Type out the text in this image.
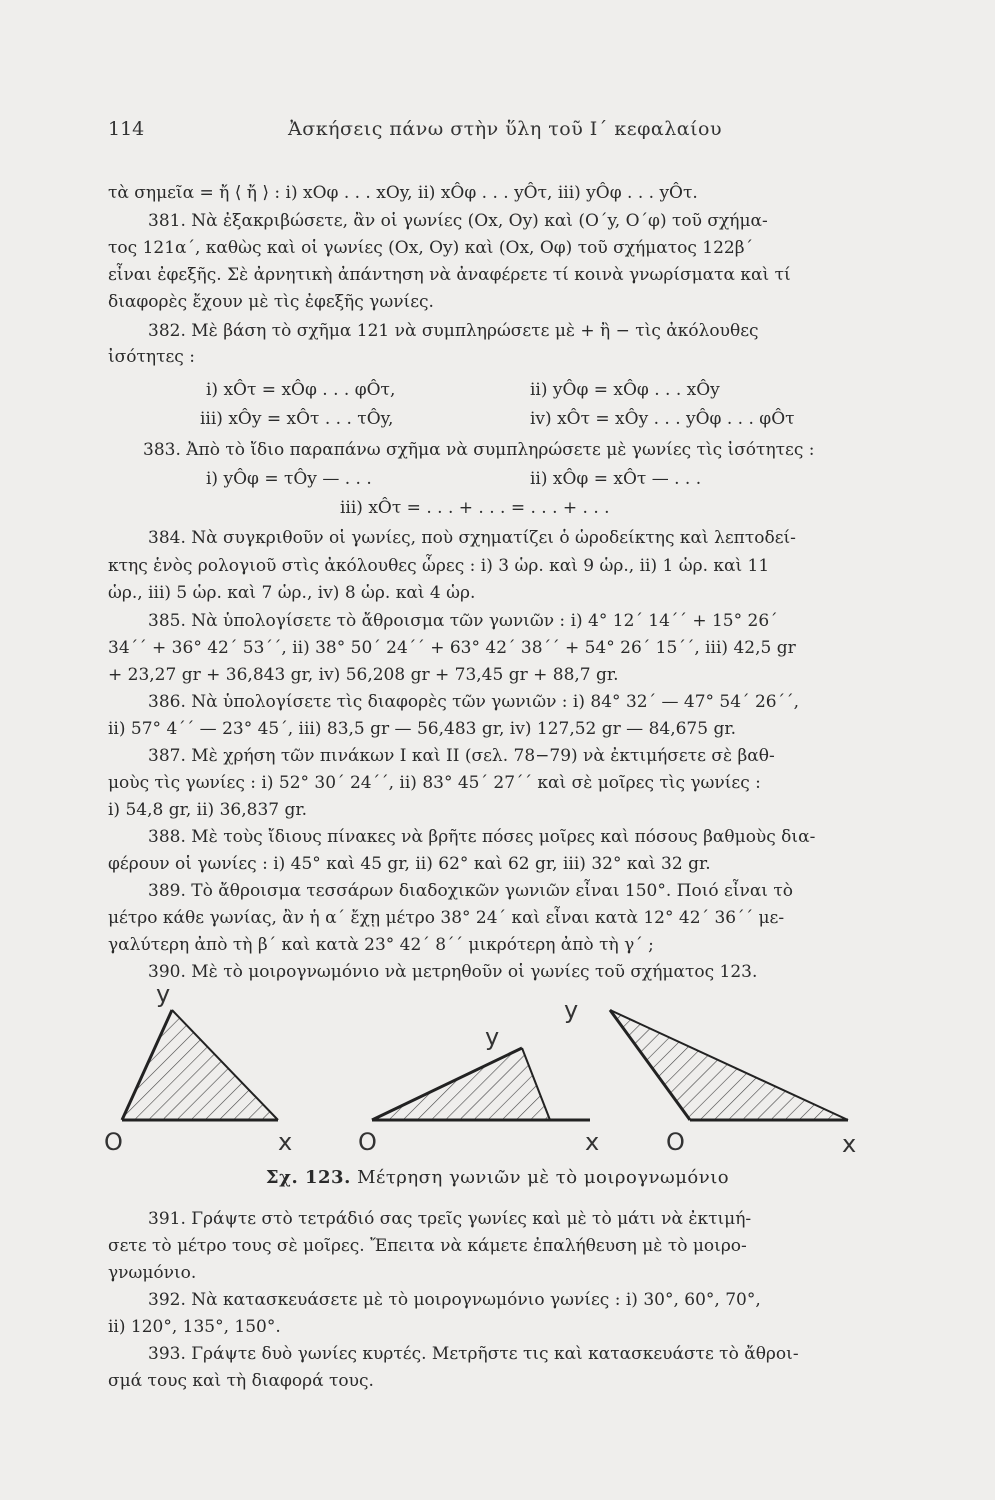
114	Ἀσκήσεις πάνω στὴν ὕλη τοῦ Ι΄ κεφαλαίου
τὰ σημεῖα = ἤ ⟨ ἤ ⟩ : i) xOφ . . . xOy, ii) xÔφ . . . yÔτ, iii) yÔφ . . . yÔτ.
381. Νὰ ἐξακριβώσετε, ἂν οἱ γωνίες (Ox, Oy) καὶ (O΄y, O΄φ) τοῦ σχήμα-
τος 121α΄, καθὼς καὶ οἱ γωνίες (Ox, Oy) καὶ (Ox, Oφ) τοῦ σχήματος 122β΄
εἶναι ἐφεξῆς. Σὲ ἀρνητικὴ ἀπάντηση νὰ ἀναφέρετε τί κοινὰ γνωρίσματα καὶ τί
διαφορὲς ἔχουν μὲ τὶς ἐφεξῆς γωνίες.
382. Μὲ βάση τὸ σχῆμα 121 νὰ συμπληρώσετε μὲ + ἢ − τὶς ἀκόλουθες
ἰσότητες :
i) xÔτ = xÔφ . . . φÔτ,	ii) yÔφ = xÔφ . . . xÔy
iii) xÔy = xÔτ . . . τÔy,	iv) xÔτ = xÔy . . . yÔφ . . . φÔτ
383. Ἀπὸ τὸ ἴδιο παραπάνω σχῆμα νὰ συμπληρώσετε μὲ γωνίες τὶς ἰσότητες :
i) yÔφ = τÔy — . . .	ii) xÔφ = xÔτ — . . .
iii) xÔτ = . . . + . . . = . . . + . . .
384. Νὰ συγκριθοῦν οἱ γωνίες, ποὺ σχηματίζει ὁ ὡροδείκτης καὶ λεπτοδεί-
κτης ἑνὸς ρολογιοῦ στὶς ἀκόλουθες ὧρες : i) 3 ὡρ. καὶ 9 ὡρ., ii) 1 ὡρ. καὶ 11
ὡρ., iii) 5 ὡρ. καὶ 7 ὡρ., iv) 8 ὡρ. καὶ 4 ὡρ.
385. Νὰ ὑπολογίσετε τὸ ἄθροισμα τῶν γωνιῶν : i) 4° 12΄ 14΄΄ + 15° 26΄
34΄΄ + 36° 42΄ 53΄΄, ii) 38° 50΄ 24΄΄ + 63° 42΄ 38΄΄ + 54° 26΄ 15΄΄, iii) 42,5 gr
+ 23,27 gr + 36,843 gr, iv) 56,208 gr + 73,45 gr + 88,7 gr.
386. Νὰ ὑπολογίσετε τὶς διαφορὲς τῶν γωνιῶν : i) 84° 32΄ — 47° 54΄ 26΄΄,
ii) 57° 4΄΄ — 23° 45΄, iii) 83,5 gr — 56,483 gr, iv) 127,52 gr — 84,675 gr.
387. Μὲ χρήση τῶν πινάκων Ι καὶ ΙΙ (σελ. 78−79) νὰ ἐκτιμήσετε σὲ βαθ-
μοὺς τὶς γωνίες : i) 52° 30΄ 24΄΄, ii) 83° 45΄ 27΄΄ καὶ σὲ μοῖρες τὶς γωνίες :
i) 54,8 gr, ii) 36,837 gr.
388. Μὲ τοὺς ἴδιους πίνακες νὰ βρῆτε πόσες μοῖρες καὶ πόσους βαθμοὺς δια-
φέρουν οἱ γωνίες : i) 45° καὶ 45 gr, ii) 62° καὶ 62 gr, iii) 32° καὶ 32 gr.
389. Τὸ ἄθροισμα τεσσάρων διαδοχικῶν γωνιῶν εἶναι 150°. Ποιό εἶναι τὸ
μέτρο κάθε γωνίας, ἂν ἡ α΄ ἔχῃ μέτρο 38° 24΄ καὶ εἶναι κατὰ 12° 42΄ 36΄΄ με-
γαλύτερη ἀπὸ τὴ β΄ καὶ κατὰ 23° 42΄ 8΄΄ μικρότερη ἀπὸ τὴ γ΄ ;
390. Μὲ τὸ μοιρογνωμόνιο νὰ μετρηθοῦν οἱ γωνίες τοῦ σχήματος 123.
y
O	x
y
O	x
y
O	x
Σχ. 123. Μέτρηση γωνιῶν μὲ τὸ μοιρογνωμόνιο
391. Γράψτε στὸ τετράδιό σας τρεῖς γωνίες καὶ μὲ τὸ μάτι νὰ ἐκτιμή-
σετε τὸ μέτρο τους σὲ μοῖρες. Ἔπειτα νὰ κάμετε ἐπαλήθευση μὲ τὸ μοιρο-
γνωμόνιο.
392. Νὰ κατασκευάσετε μὲ τὸ μοιρογνωμόνιο γωνίες : i) 30°, 60°, 70°,
ii) 120°, 135°, 150°.
393. Γράψτε δυὸ γωνίες κυρτές. Μετρῆστε τις καὶ κατασκευάστε τὸ ἄθροι-
σμά τους καὶ τὴ διαφορά τους.
